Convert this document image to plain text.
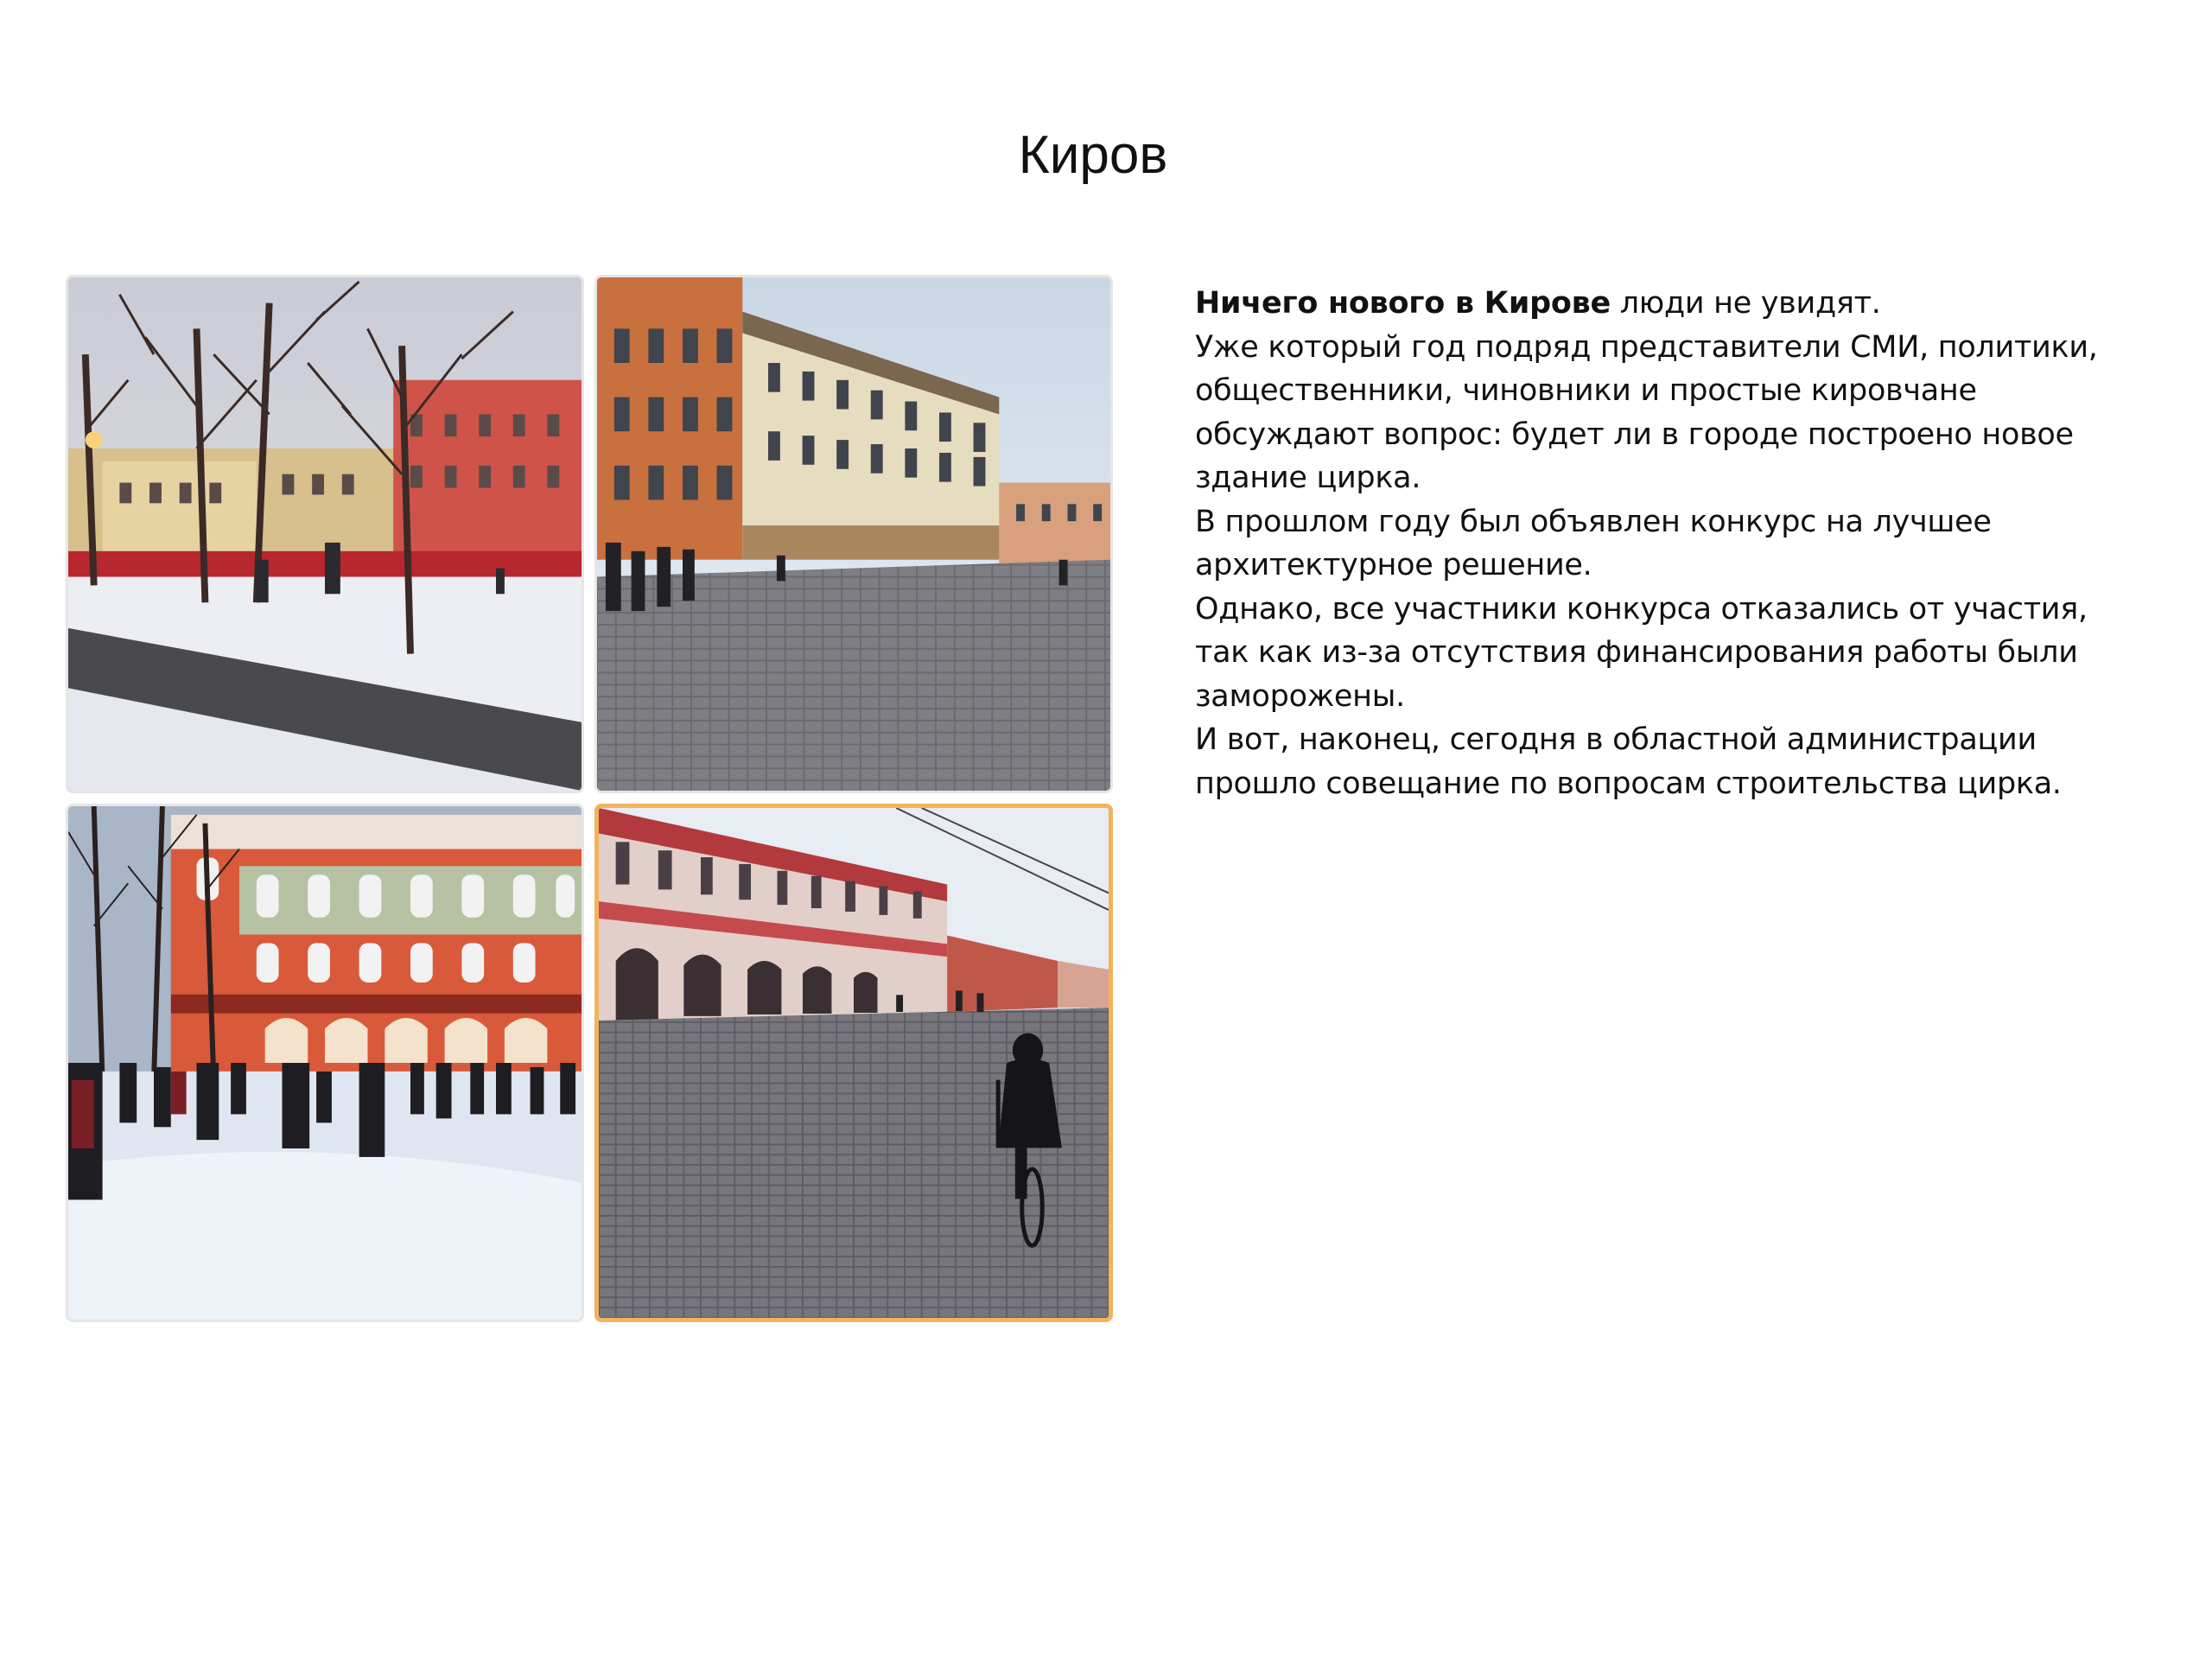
Киров

Ничего нового в Кирове люди не увидят.

Уже который год подряд представители СМИ, политики, общественники, чиновники и простые кировчане обсуждают вопрос: будет ли в городе построено новое здание цирка.

В прошлом году был объявлен конкурс на лучшее архитектурное решение.

Однако, все участники конкурса отказались от участия, так как из-за отсутствия финансирования работы были заморожены.

И вот, наконец, сегодня в областной администрации прошло совещание по вопросам строительства цирка.
